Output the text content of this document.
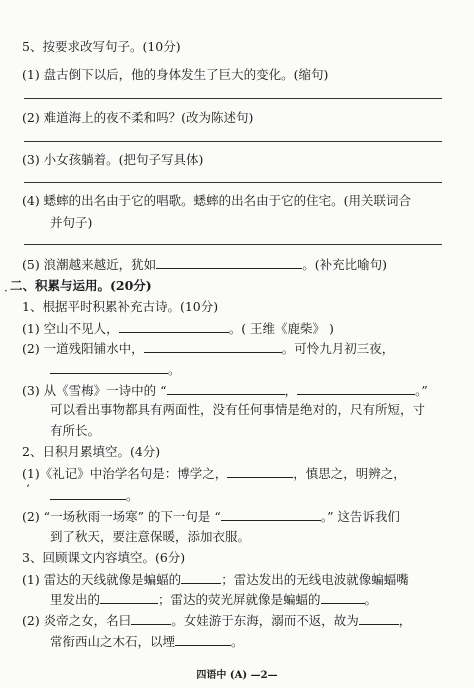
5、按要求改写句子。(10分)
(1) 盘古倒下以后，他的身体发生了巨大的变化。(缩句)
(2) 难道海上的夜不柔和吗？(改为陈述句)
(3) 小女孩躺着。(把句子写具体)
(4) 蟋蟀的出名由于它的唱歌。蟋蟀的出名由于它的住宅。(用关联词合
并句子)
(5) 浪潮越来越近，犹如	。(补充比喻句)
· 二、积累与运用。(20分)
1、根据平时积累补充古诗。(10分)
(1) 空山不见人，	。( 王维《鹿柴》 )
(2) 一道残阳铺水中，	。可怜九月初三夜，
。
(3) 从《雪梅》一诗中的 “	，	。”
可以看出事物都具有两面性，没有任何事情是绝对的，尺有所短，寸
有所长。
2、日积月累填空。(4分)
(1)《礼记》中治学名句是：博学之，	，慎思之，明辨之，
‘	。
(2) “一场秋雨一场寒” 的下一句是 “	。” 这告诉我们
到了秋天，要注意保暖，添加衣服。
3、回顾课文内容填空。(6分)
(1) 雷达的天线就像是蝙蝠的	；雷达发出的无线电波就像蝙蝠嘴
里发出的	；雷达的荧光屏就像是蝙蝠的	。
(2) 炎帝之女，名曰	。女娃游于东海，溺而不返，故为	，
常衔西山之木石，以堙	。
四语中 (A) —2—
